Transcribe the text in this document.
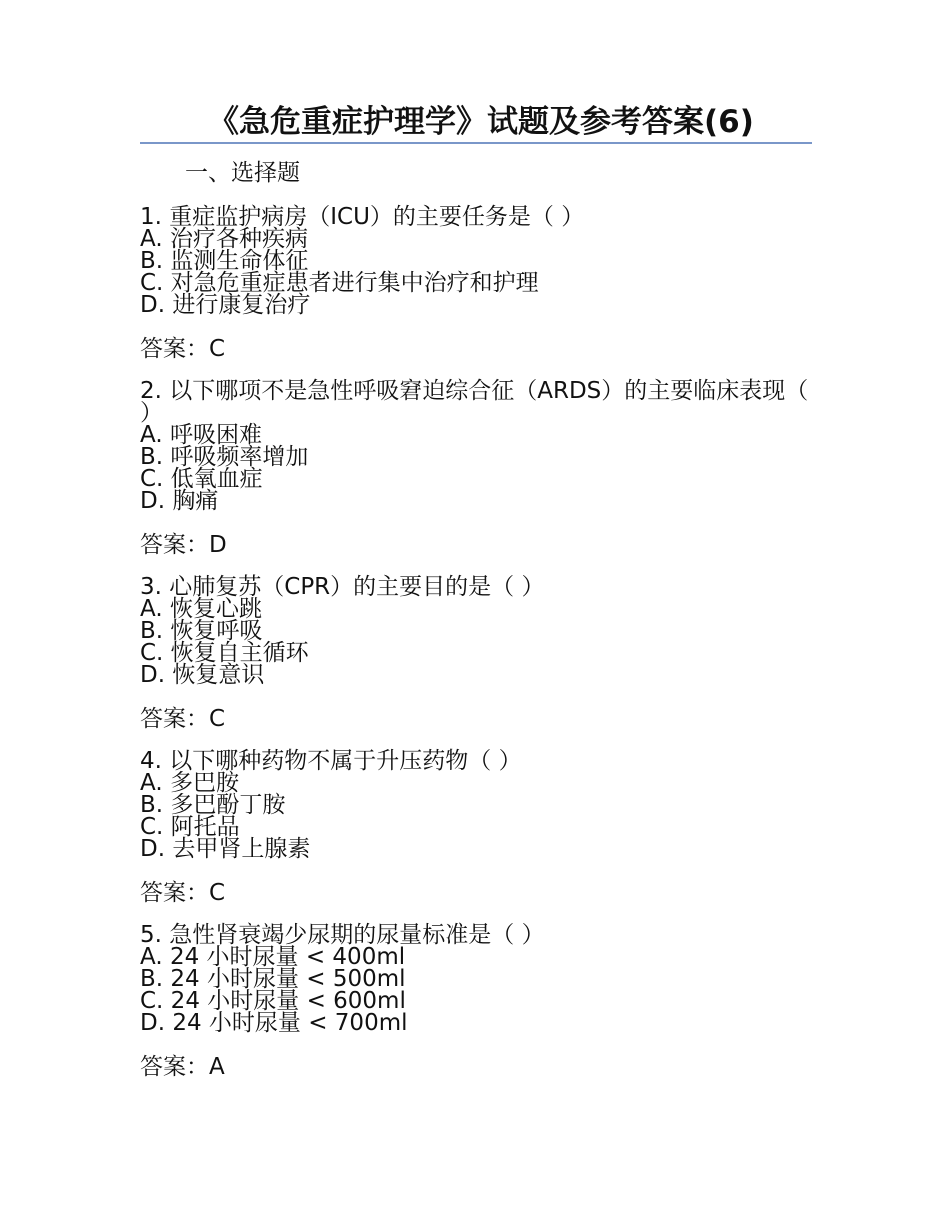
《急危重症护理学》试题及参考答案(6)
一、选择题
1. 重症监护病房（ICU）的主要任务是（ ）
A. 治疗各种疾病
B. 监测生命体征
C. 对急危重症患者进行集中治疗和护理
D. 进行康复治疗
答案：C
2. 以下哪项不是急性呼吸窘迫综合征（ARDS）的主要临床表现（ ）
A. 呼吸困难
B. 呼吸频率增加
C. 低氧血症
D. 胸痛
答案：D
3. 心肺复苏（CPR）的主要目的是（ ）
A. 恢复心跳
B. 恢复呼吸
C. 恢复自主循环
D. 恢复意识
答案：C
4. 以下哪种药物不属于升压药物（ ）
A. 多巴胺
B. 多巴酚丁胺
C. 阿托品
D. 去甲肾上腺素
答案：C
5. 急性肾衰竭少尿期的尿量标准是（ ）
A. 24 小时尿量 < 400ml
B. 24 小时尿量 < 500ml
C. 24 小时尿量 < 600ml
D. 24 小时尿量 < 700ml
答案：A
